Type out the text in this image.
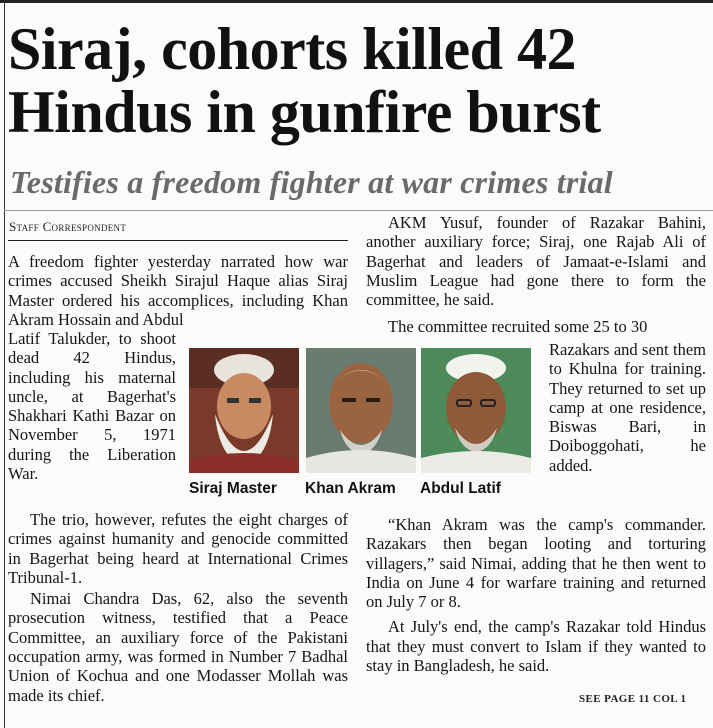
Siraj, cohorts killed 42 Hindus in gunfire burst
Testifies a freedom fighter at war crimes trial
Staff Correspondent

A freedom fighter yesterday narrated how war crimes accused Sheikh Sirajul Haque alias Siraj Master ordered his accomplices, including Khan Akram Hossain and Abdul

Latif Talukder, to shoot dead 42 Hindus, including his maternal uncle, at Bagerhat's Shakhari Kathi Bazar on November 5, 1971 during the Liberation War.

The trio, however, refutes the eight charges of crimes against humanity and genocide committed in Bagerhat being heard at International Crimes Tribunal-1.

Nimai Chandra Das, 62, also the seventh prosecution witness, testified that a Peace Committee, an auxiliary force of the Pakistani occupation army, was formed in Number 7 Badhal Union of Kochua and one Modasser Mollah was made its chief.

Siraj Master Khan Akram Abdul Latif

AKM Yusuf, founder of Razakar Bahini, another auxiliary force; Siraj, one Rajab Ali of Bagerhat and leaders of Jamaat-e-Islami and Muslim League had gone there to form the committee, he said.

The committee recruited some 25 to 30

Razakars and sent them to Khulna for training. They returned to set up camp at one residence, Biswas Bari, in Doiboggohati, he added.

“Khan Akram was the camp's commander. Razakars then began looting and torturing villagers,” said Nimai, adding that he then went to India on June 4 for warfare training and returned on July 7 or 8.

At July's end, the camp's Razakar told Hindus that they must convert to Islam if they wanted to stay in Bangladesh, he said.

SEE PAGE 11 COL 1
